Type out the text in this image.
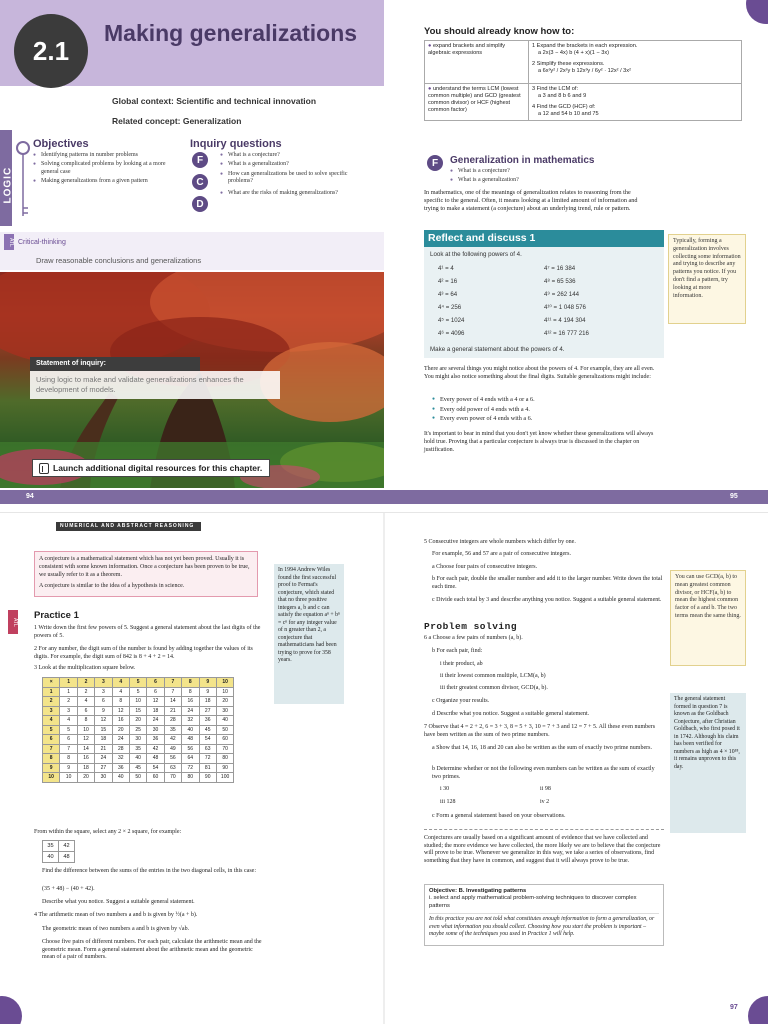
2.1
Making generalizations
Global context: Scientific and technical innovation
Related concept: Generalization
LOGIC
Objectives
● Identifying patterns in number problems
● Solving complicated problems by looking at a more general case
● Making generalizations from a given pattern
Inquiry questions
F
C
D
● What is a conjecture?
● What is a generalization?
● How can generalizations be used to solve specific problems?
● What are the risks of making generalizations?
ATL Critical-thinking
Draw reasonable conclusions and generalizations
Statement of inquiry:
Using logic to make and validate generalizations enhances the development of models.
Launch additional digital resources for this chapter.
94
You should already know how to:
● expand brackets and simplify algebraic expressions	1 Expand the brackets in each expression.
a 2x(3 − 4x) b (4 + x)(1 − 3x)
2 Simplify these expressions.
a 6x³y² / 2x²y b 12x³y / 6y² · 12x² / 3x²

● understand the terms LCM (lowest common multiple) and GCD (greatest common divisor) or HCF (highest common factor)	3 Find the LCM of:
a 3 and 8 b 6 and 9
4 Find the GCD (HCF) of:
a 12 and 54 b 10 and 75
F	Generalization in mathematics
● What is a conjecture?
● What is a generalization?
In mathematics, one of the meanings of generalization relates to reasoning from the specific to the general. Often, it means looking at a limited amount of information and trying to make a statement (a conjecture) about an underlying trend, rule or pattern.
Reflect and discuss 1
Look at the following powers of 4.
4¹ = 4
4² = 16
4³ = 64
4⁴ = 256
4⁵ = 1024
4⁶ = 4096
4⁷ = 16 384
4⁸ = 65 536
4⁹ = 262 144
4¹⁰ = 1 048 576
4¹¹ = 4 194 304
4¹² = 16 777 216
Make a general statement about the powers of 4.
Typically, forming a generalization involves collecting some information and trying to describe any patterns you notice. If you don't find a pattern, try looking at more information.
There are several things you might notice about the powers of 4. For example, they are all even. You might also notice something about the final digits. Suitable generalizations might include:
● Every power of 4 ends with a 4 or a 6.
● Every odd power of 4 ends with a 4.
● Every even power of 4 ends with a 6.
It's important to bear in mind that you don't yet know whether these generalizations will always hold true. Proving that a particular conjecture is always true is discussed in the chapter on justification.
95
NUMERICAL AND ABSTRACT REASONING
A conjecture is a mathematical statement which has not yet been proved. Usually it is consistent with some known information. Once a conjecture has been proven to be true, we usually refer to it as a theorem.
A conjecture is similar to the idea of a hypothesis in science.
ATL
Practice 1
1 Write down the first few powers of 5. Suggest a general statement about the last digits of the powers of 5.
2 For any number, the digit sum of the number is found by adding together the values of its digits. For example, the digit sum of 842 is 8 + 4 + 2 = 14.
3 Look at the multiplication square below.
In 1994 Andrew Wiles found the first successful proof to Fermat's conjecture, which stated that no three positive integers a, b and c can satisfy the equation aⁿ + bⁿ = cⁿ for any integer value of n greater than 2, a conjecture that mathematicians had been trying to prove for 358 years.
×	1	2	3	4	5	6	7	8	9	10
1	1	2	3	4	5	6	7	8	9	10
2	2	4	6	8	10	12	14	16	18	20
3	3	6	9	12	15	18	21	24	27	30
4	4	8	12	16	20	24	28	32	36	40
5	5	10	15	20	25	30	35	40	45	50
6	6	12	18	24	30	36	42	48	54	60
7	7	14	21	28	35	42	49	56	63	70
8	8	16	24	32	40	48	56	64	72	80
9	9	18	27	36	45	54	63	72	81	90
10	10	20	30	40	50	60	70	80	90	100
From within the square, select any 2 × 2 square, for example:
35	42
40	48
Find the difference between the sums of the entries in the two diagonal cells, in this case:
(35 + 48) − (40 + 42).
Describe what you notice. Suggest a suitable general statement.
4 The arithmetic mean of two numbers a and b is given by ½(a + b).
The geometric mean of two numbers a and b is given by √ab.
Choose five pairs of different numbers. For each pair, calculate the arithmetic mean and the geometric mean. Form a general statement about the arithmetic mean and the geometric mean of a pair of numbers.
96
5 Consecutive integers are whole numbers which differ by one.
For example, 56 and 57 are a pair of consecutive integers.
a Choose four pairs of consecutive integers.
b For each pair, double the smaller number and add it to the larger number. Write down the total each time.
c Divide each total by 3 and describe anything you notice. Suggest a suitable general statement.
Problem solving
6 a Choose a few pairs of numbers (a, b).
b For each pair, find:
i their product, ab
ii their lowest common multiple, LCM(a, b)
iii their greatest common divisor, GCD(a, b).
c Organize your results.
d Describe what you notice. Suggest a suitable general statement.
7 Observe that 4 = 2 + 2, 6 = 3 + 3, 8 = 5 + 3, 10 = 7 + 3 and 12 = 7 + 5. All these even numbers have been written as the sum of two prime numbers.
a Show that 14, 16, 18 and 20 can also be written as the sum of exactly two prime numbers.
b Determine whether or not the following even numbers can be written as the sum of exactly two primes.
i 30	ii 98
iii 128	iv 2
c Form a general statement based on your observations.
You can use GCD(a, b) to mean greatest common divisor, or HCF(a, b) to mean the highest common factor of a and b. The two terms mean the same thing.
The general statement formed in question 7 is known as the Goldbach Conjecture, after Christian Goldbach, who first posed it in 1742. Although his claim has been verified for numbers as high as 4 × 10¹⁸, it remains unproven to this day.
Conjectures are usually based on a significant amount of evidence that we have collected and studied; the more evidence we have collected, the more likely we are to believe that the conjecture will prove to be true. Whenever we generalize in this way, we take a series of observations, find something that they have in common, and suggest that it will always prove to be true.
Objective: B. Investigating patterns
i. select and apply mathematical problem-solving techniques to discover complex patterns
In this practice you are not told what constitutes enough information to form a generalization, or even what information you should collect. Choosing how you start the problem is important – maybe some of the techniques you used in Practice 1 will help.
97
